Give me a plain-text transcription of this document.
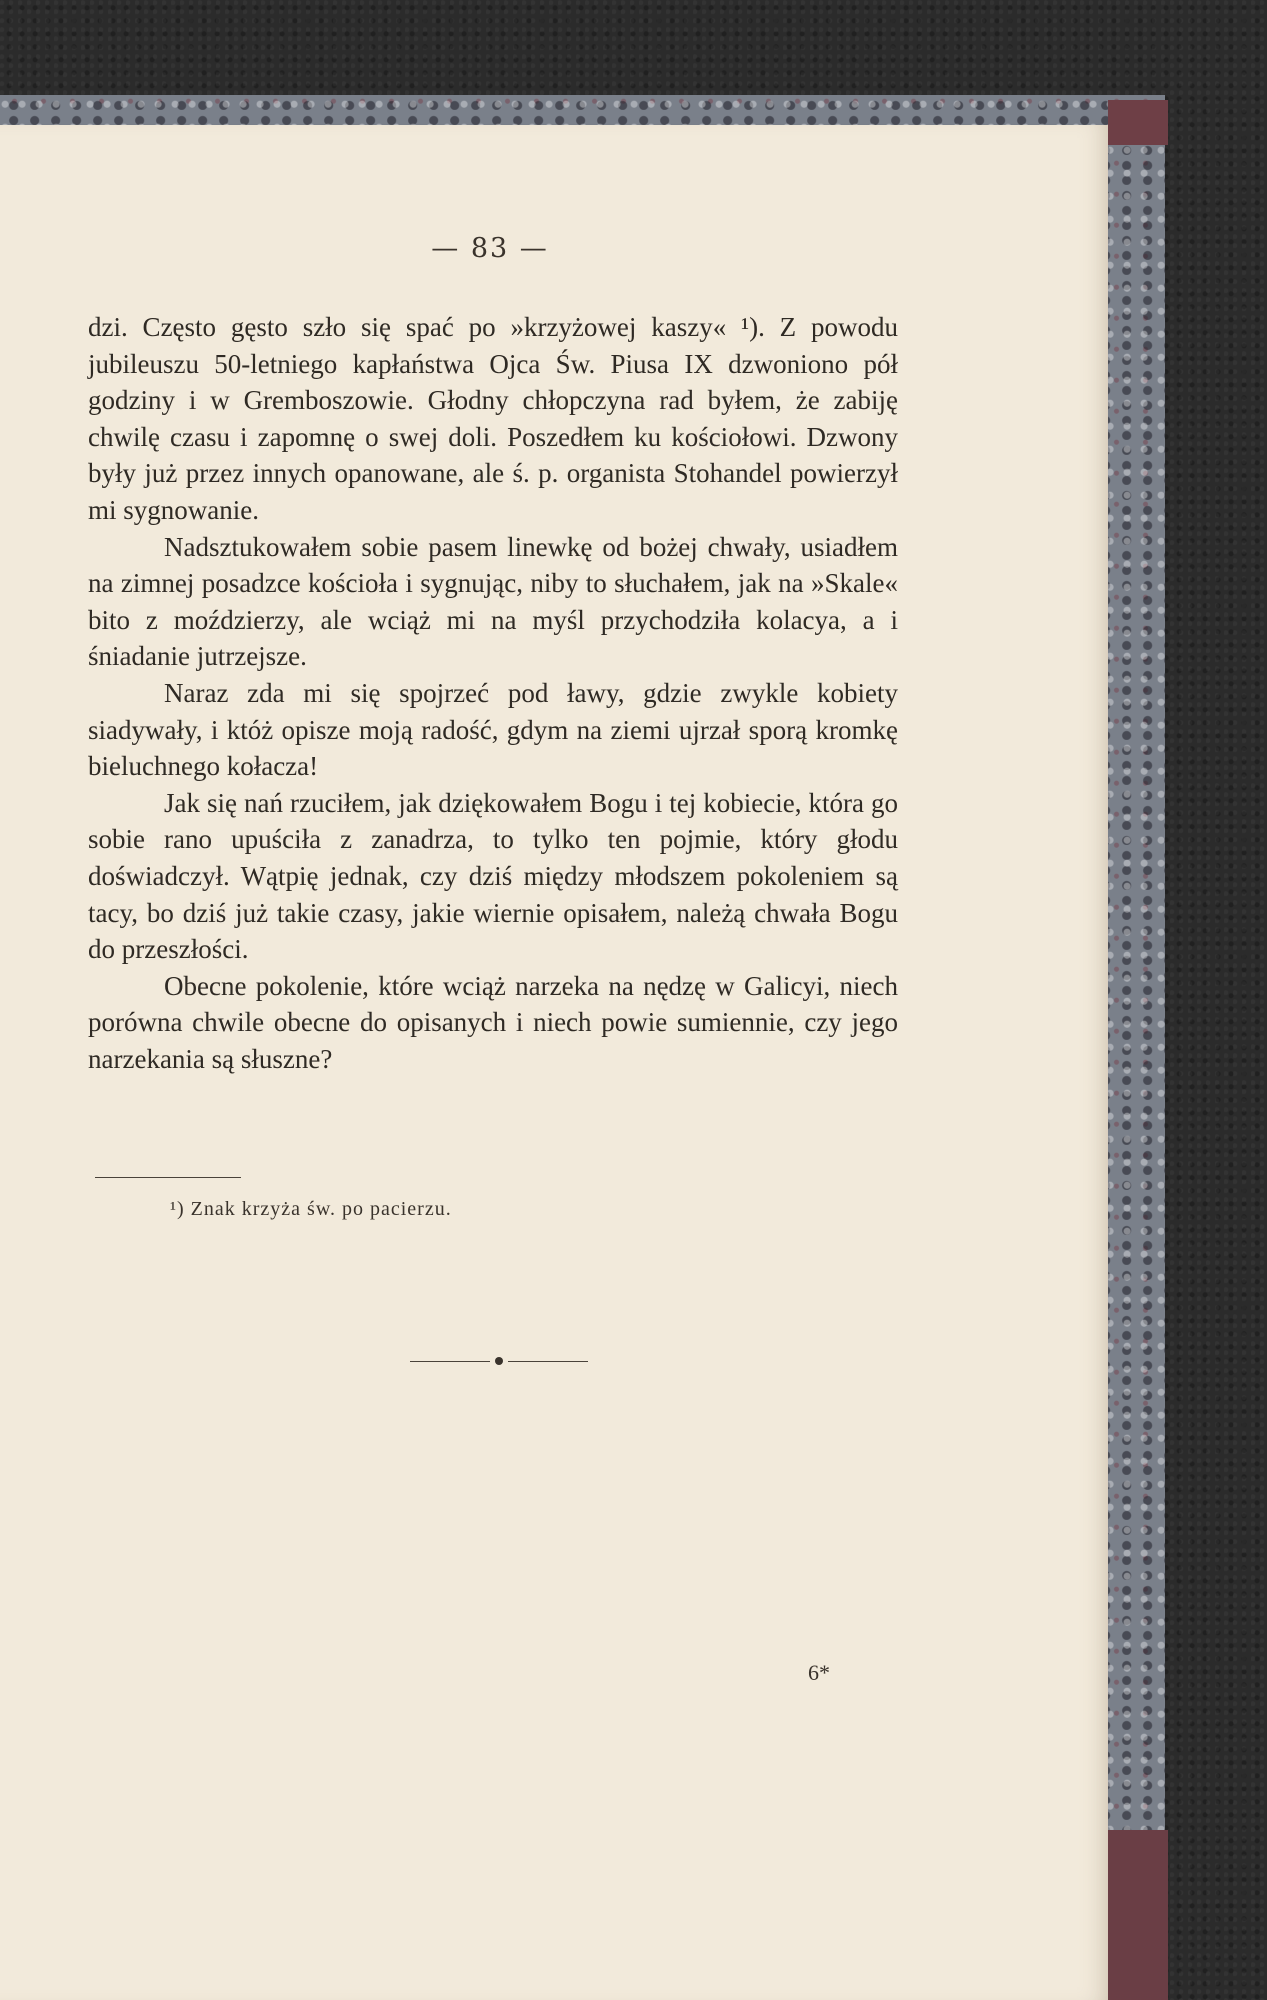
— 83 —

dzi. Często gęsto szło się spać po »krzyżowej kaszy« ¹). Z powodu jubileuszu 50-letniego kapłaństwa Ojca Św. Piusa IX dzwoniono pół godziny i w Gremboszowie. Głodny chłopczyna rad byłem, że zabiję chwilę czasu i zapomnę o swej doli. Poszedłem ku kościołowi. Dzwony były już przez innych opanowane, ale ś. p. organista Stohandel powierzył mi sygnowanie.

Nadsztukowałem sobie pasem linewkę od bożej chwały, usiadłem na zimnej posadzce kościoła i sygnując, niby to słuchałem, jak na »Skale« bito z moździerzy, ale wciąż mi na myśl przychodziła kolacya, a i śniadanie jutrzejsze.

Naraz zda mi się spojrzeć pod ławy, gdzie zwykle kobiety siadywały, i któż opisze moją radość, gdym na ziemi ujrzał sporą kromkę bieluchnego kołacza!

Jak się nań rzuciłem, jak dziękowałem Bogu i tej kobiecie, która go sobie rano upuściła z zanadrza, to tylko ten pojmie, który głodu doświadczył. Wątpię jednak, czy dziś między młodszem pokoleniem są tacy, bo dziś już takie czasy, jakie wiernie opisałem, należą chwała Bogu do przeszłości.

Obecne pokolenie, które wciąż narzeka na nędzę w Galicyi, niech porówna chwile obecne do opisanych i niech powie sumiennie, czy jego narzekania są słuszne?

¹) Znak krzyża św. po pacierzu.
6*
